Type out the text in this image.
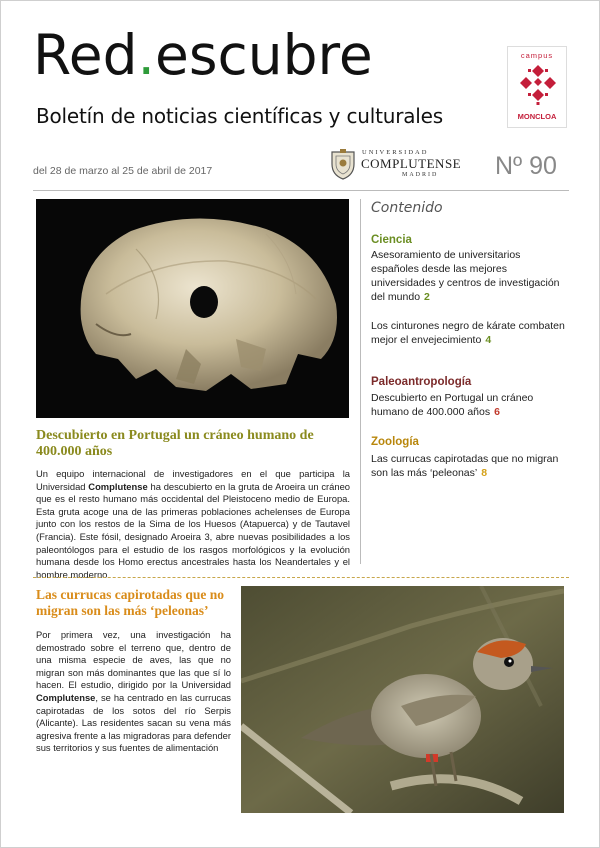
Red.escubre
Boletín de noticias científicas y culturales
campus
MONCLOA
del 28 de marzo al 25 de abril de 2017
UNIVERSIDAD
COMPLUTENSE
MADRID Nº 90
Descubierto en Portugal un cráneo humano de 400.000 años
Un equipo internacional de investigadores en el que participa la Universidad Complutense ha descubierto en la gruta de Aroeira un cráneo que es el resto humano más occidental del Pleistoceno medio de Europa. Esta gruta acoge una de las primeras poblaciones achelenses de Europa junto con los restos de la Sima de los Huesos (Atapuerca) y de Tautavel (Francia). Este fósil, designado Aroeira 3, abre nuevas posibilidades a los paleontólogos para el estudio de los rasgos morfológicos y la evolución humana desde los Homo erectus ancestrales hasta los Neandertales y el hombre moderno.
Contenido
Ciencia
Asesoramiento de universitarios españoles desde las mejores universidades y centros de investigación del mundo 2
Los cinturones negro de kárate combaten mejor el envejecimiento 4
Paleoantropología
Descubierto en Portugal un cráneo humano de 400.000 años 6
Zoología
Las currucas capirotadas que no migran son las más ‘peleonas’ 8
Las currucas capirotadas que no migran son las más ‘peleonas’
Por primera vez, una investigación ha demostrado sobre el terreno que, dentro de una misma especie de aves, las que no migran son más dominantes que las que sí lo hacen. El estudio, dirigido por la Universidad Complutense, se ha centrado en las currucas capirotadas de los sotos del río Serpis (Alicante). Las residentes sacan su vena más agresiva frente a las migradoras para defender sus territorios y sus fuentes de alimentación
